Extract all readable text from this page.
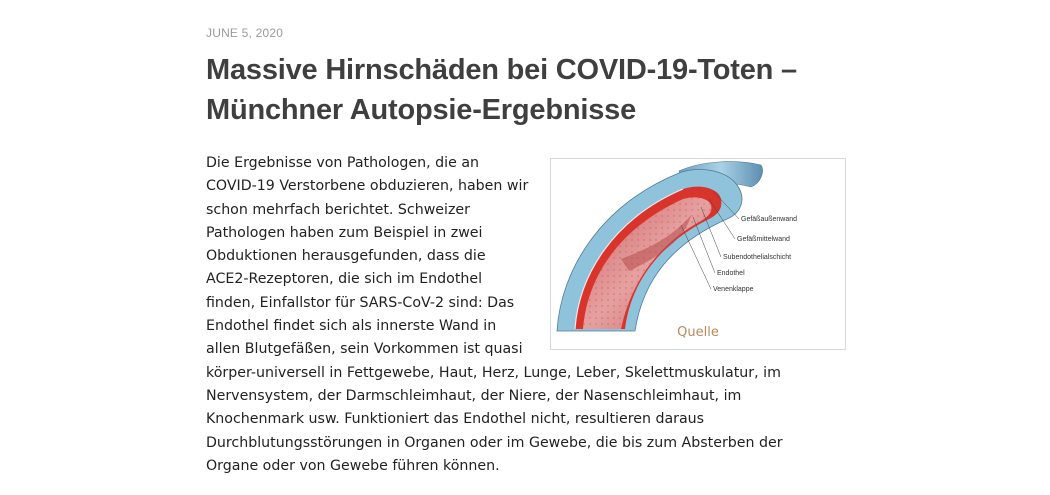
JUNE 5, 2020
Massive Hirnschäden bei COVID-19-Toten – Münchner Autopsie-Ergebnisse
Gefäßaußenwand
Gefäßmittelwand
Subendothelialschicht
Endothel
Venenklappe
Quelle

Die Ergebnisse von Pathologen, die an COVID-19 Verstorbene obduzieren, haben wir schon mehrfach berichtet. Schweizer Pathologen haben zum Beispiel in zwei Obduktionen herausgefunden, dass die ACE2-Rezeptoren, die sich im Endothel finden, Einfallstor für SARS-CoV-2 sind: Das Endothel findet sich als innerste Wand in allen Blutgefäßen, sein Vorkommen ist quasi körper-universell in Fettgewebe, Haut, Herz, Lunge, Leber, Skelettmuskulatur, im Nervensystem, der Darmschleimhaut, der Niere, der Nasenschleimhaut, im Knochenmark usw. Funktioniert das Endothel nicht, resultieren daraus Durchblutungsstörungen in Organen oder im Gewebe, die bis zum Absterben der Organe oder von Gewebe führen können.
